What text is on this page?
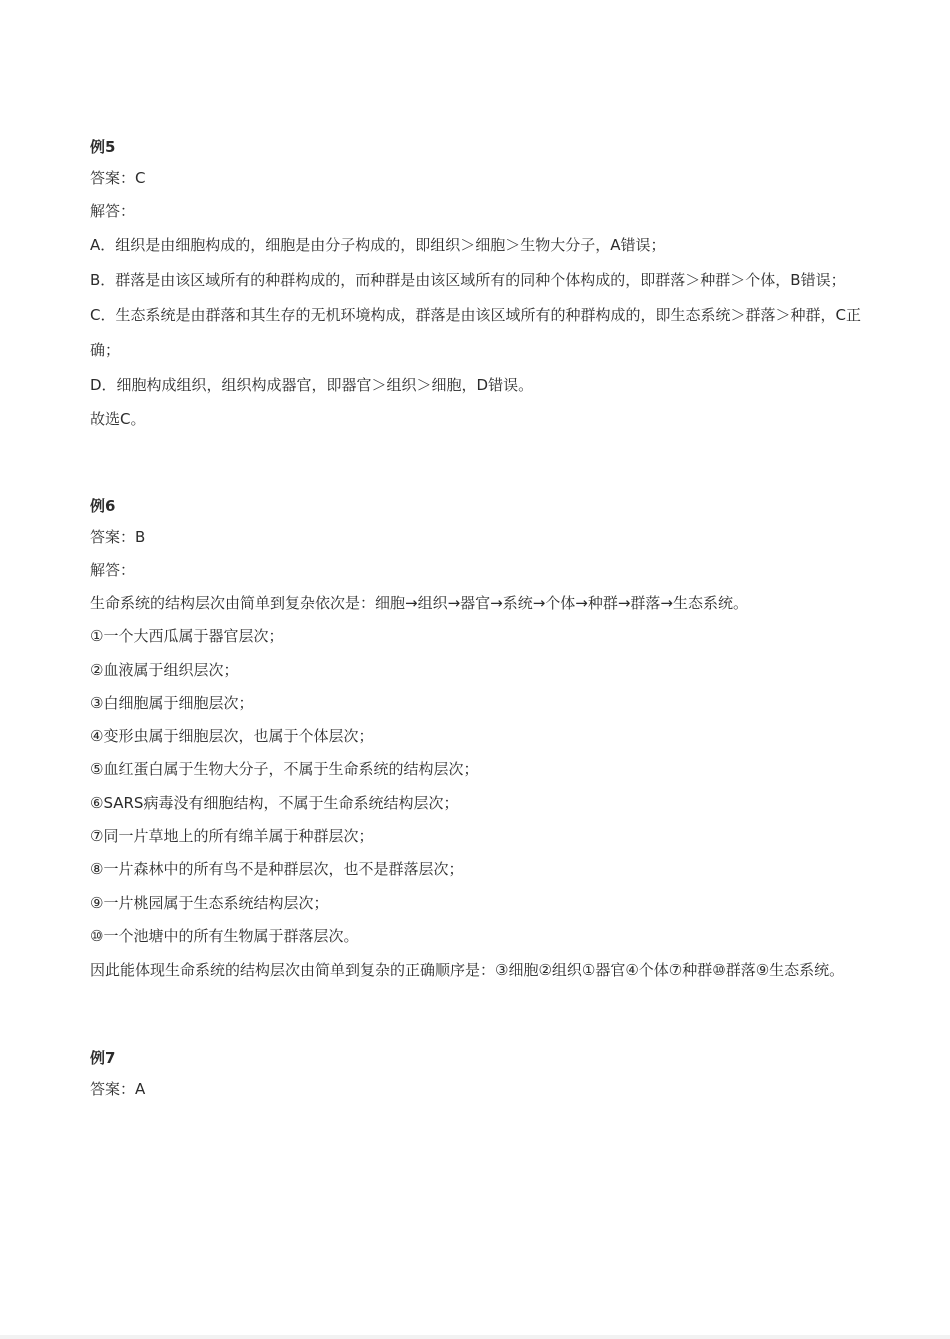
例5
答案：C
解答：
A．组织是由细胞构成的，细胞是由分子构成的，即组织＞细胞＞生物大分子，A错误；
B．群落是由该区域所有的种群构成的，而种群是由该区域所有的同种个体构成的，即群落＞种群＞个体，B错误；
C．生态系统是由群落和其生存的无机环境构成，群落是由该区域所有的种群构成的，即生态系统＞群落＞种群，C正确；
D．细胞构成组织，组织构成器官，即器官＞组织＞细胞，D错误。
故选C。
例6
答案：B
解答：
生命系统的结构层次由简单到复杂依次是：细胞→组织→器官→系统→个体→种群→群落→生态系统。
①一个大西瓜属于器官层次；
②血液属于组织层次；
③白细胞属于细胞层次；
④变形虫属于细胞层次，也属于个体层次；
⑤血红蛋白属于生物大分子，不属于生命系统的结构层次；
⑥SARS病毒没有细胞结构，不属于生命系统结构层次；
⑦同一片草地上的所有绵羊属于种群层次；
⑧一片森林中的所有鸟不是种群层次，也不是群落层次；
⑨一片桃园属于生态系统结构层次；
⑩一个池塘中的所有生物属于群落层次。
因此能体现生命系统的结构层次由简单到复杂的正确顺序是：③细胞②组织①器官④个体⑦种群⑩群落⑨生态系统。
例7
答案：A
